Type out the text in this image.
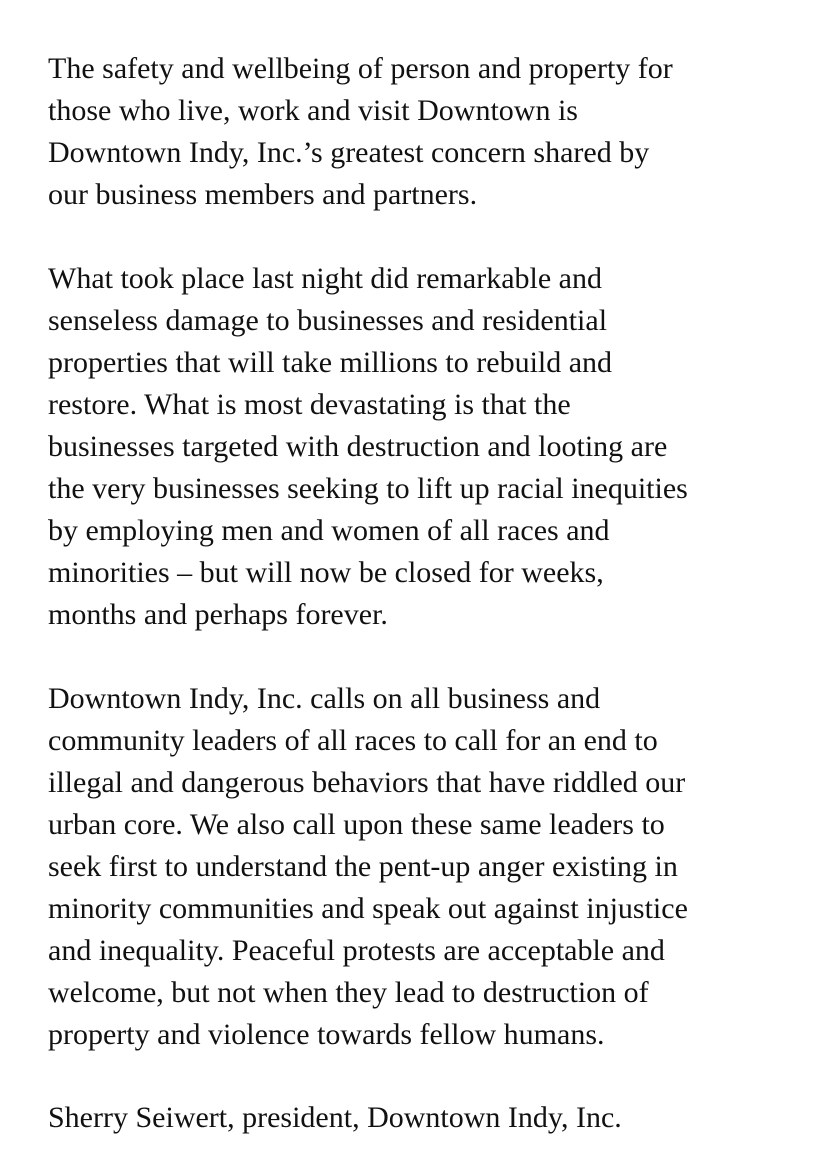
The safety and wellbeing of person and property for
those who live, work and visit Downtown is
Downtown Indy, Inc.’s greatest concern shared by
our business members and partners.

What took place last night did remarkable and
senseless damage to businesses and residential
properties that will take millions to rebuild and
restore. What is most devastating is that the
businesses targeted with destruction and looting are
the very businesses seeking to lift up racial inequities
by employing men and women of all races and
minorities – but will now be closed for weeks,
months and perhaps forever.

Downtown Indy, Inc. calls on all business and
community leaders of all races to call for an end to
illegal and dangerous behaviors that have riddled our
urban core. We also call upon these same leaders to
seek first to understand the pent-up anger existing in
minority communities and speak out against injustice
and inequality. Peaceful protests are acceptable and
welcome, but not when they lead to destruction of
property and violence towards fellow humans.

Sherry Seiwert, president, Downtown Indy, Inc.
